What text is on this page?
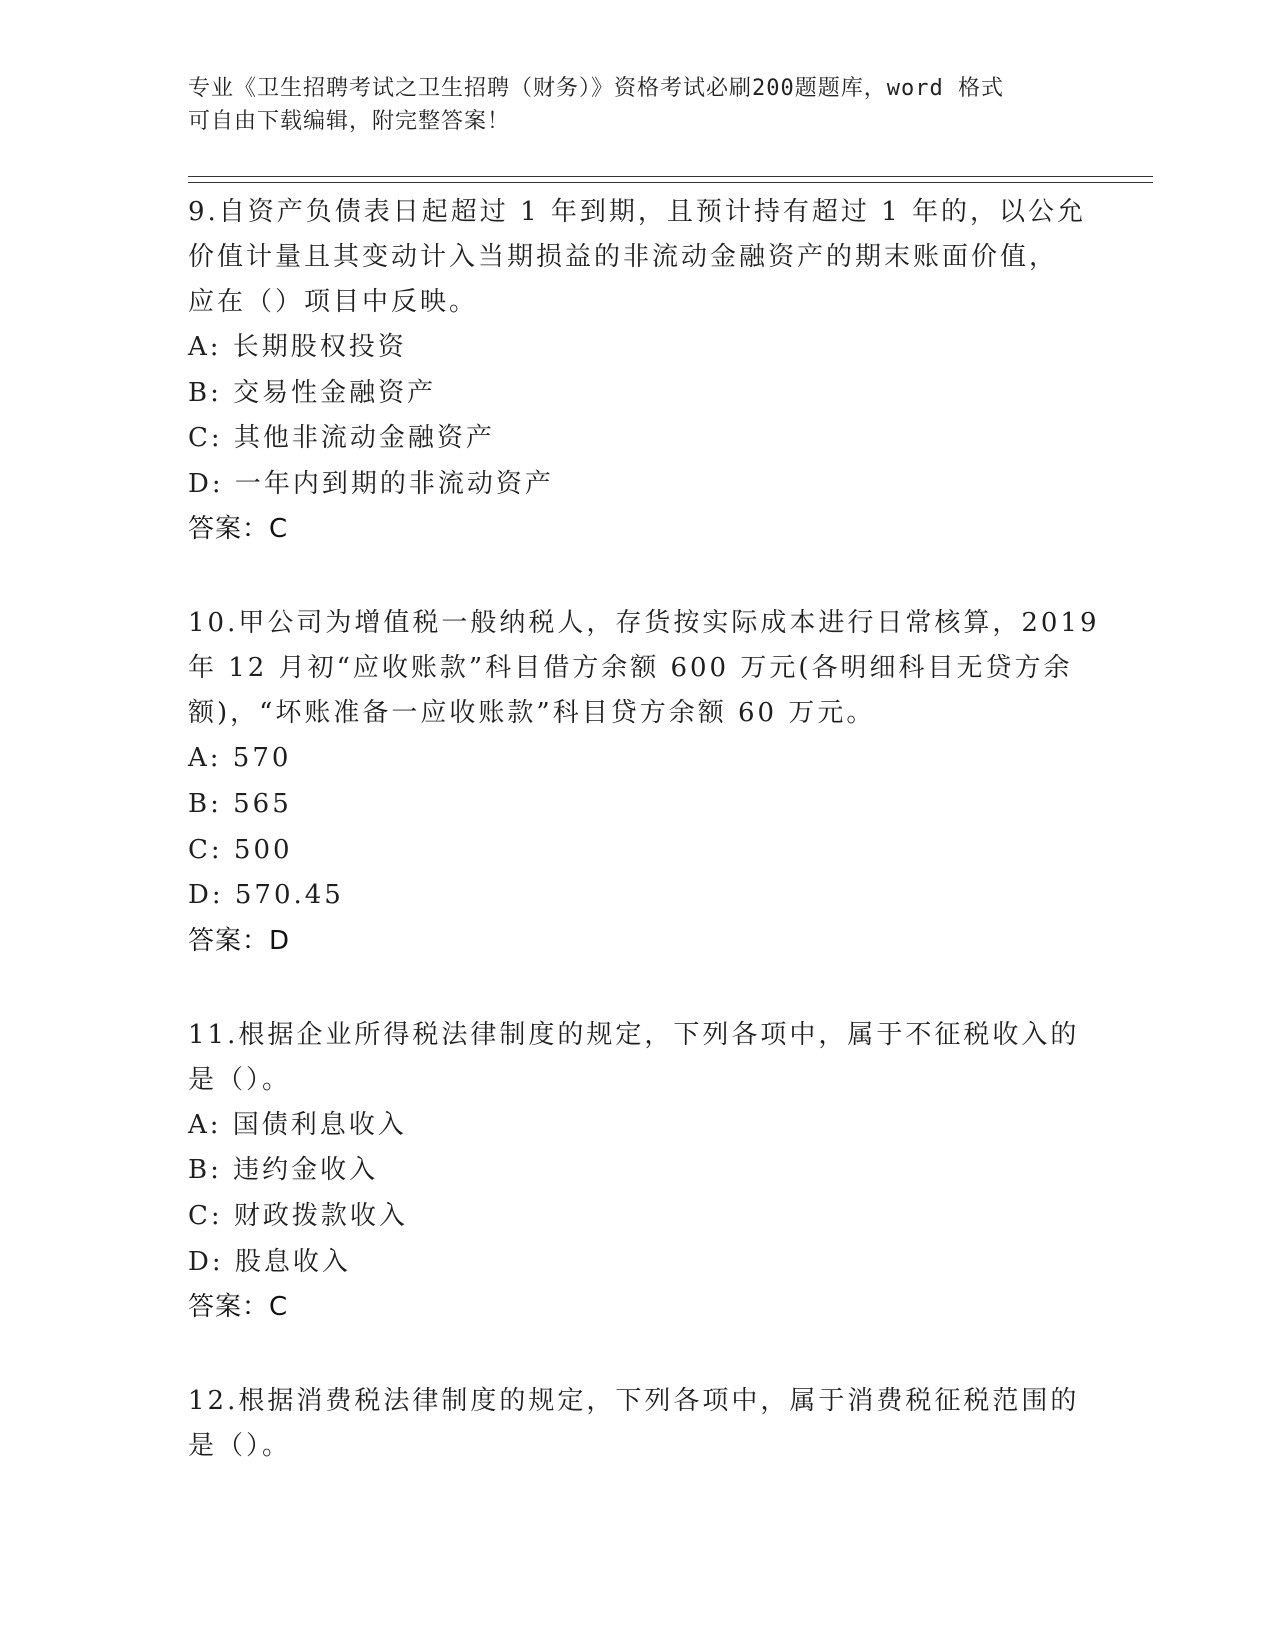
专业《卫生招聘考试之卫生招聘（财务）》资格考试必刷200题题库，word 格式
可自由下载编辑，附完整答案！
9.自资产负债表日起超过 1 年到期，且预计持有超过 1 年的，以公允
价值计量且其变动计入当期损益的非流动金融资产的期末账面价值，
应在（）项目中反映。
A: 长期股权投资
B: 交易性金融资产
C: 其他非流动金融资产
D: 一年内到期的非流动资产
答案：C
10.甲公司为增值税一般纳税人，存货按实际成本进行日常核算，2019
年 12 月初“应收账款”科目借方余额 600 万元(各明细科目无贷方余
额)，“坏账准备一应收账款”科目贷方余额 60 万元。
A: 570
B: 565
C: 500
D: 570.45
答案：D
11.根据企业所得税法律制度的规定，下列各项中，属于不征税收入的
是（）。
A: 国债利息收入
B: 违约金收入
C: 财政拨款收入
D: 股息收入
答案：C
12.根据消费税法律制度的规定，下列各项中，属于消费税征税范围的
是（）。
